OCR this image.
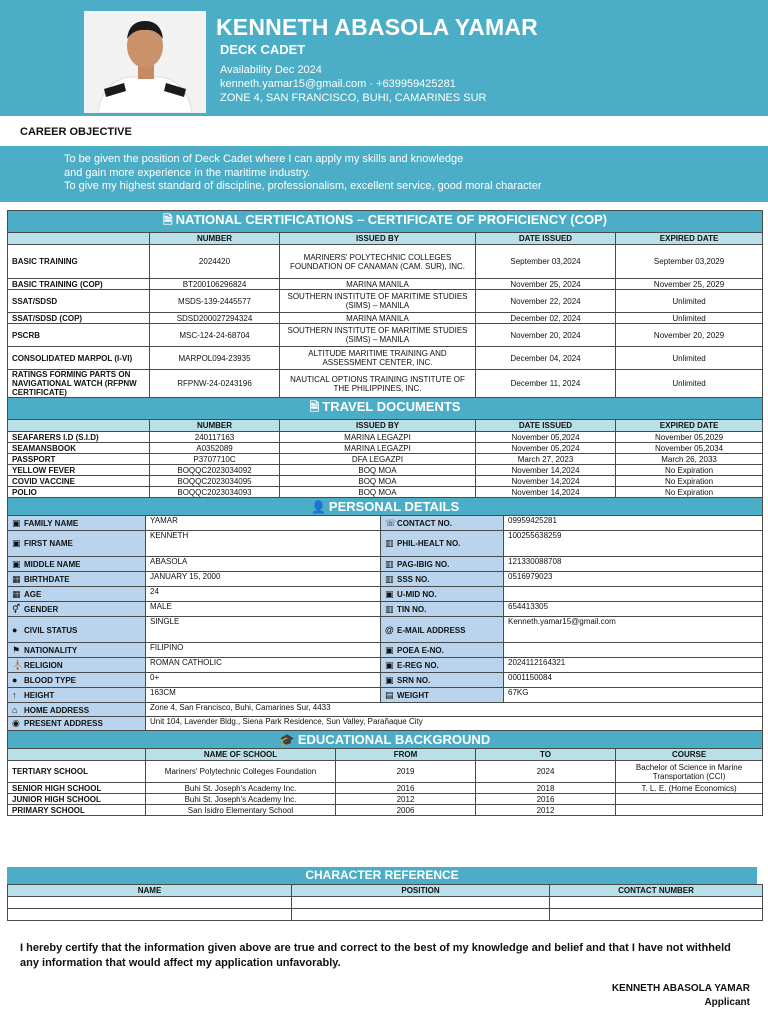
KENNETH ABASOLA YAMAR
DECK CADET
Availability Dec 2024
kenneth.yamar15@gmail.com · +639959425281
ZONE 4, SAN FRANCISCO, BUHI, CAMARINES SUR
CAREER OBJECTIVE
To be given the position of Deck Cadet where I can apply my skills and knowledge
and gain more experience in the maritime industry.
To give my highest standard of discipline, professionalism, excellent service, good moral character
🗎 NATIONAL CERTIFICATIONS – CERTIFICATE OF PROFICIENCY (COP)								
		NUMBER	ISSUED BY			DATE ISSUED		EXPIRED DATE
BASIC TRAINING		2024420	MARINERS' POLYTECHNIC COLLEGES FOUNDATION OF CANAMAN (CAM. SUR), INC.			September 03,2024		September 03,2029
BASIC TRAINING (COP)		BT200106296824	MARINA MANILA			November 25, 2024		November 25, 2029
SSAT/SDSD		MSDS-139-2445577	SOUTHERN INSTITUTE OF MARITIME STUDIES (SIMS) – MANILA			November 22, 2024		Unlimited
SSAT/SDSD (COP)		SDSD200027294324	MARINA MANILA			December 02, 2024		Unlimited
PSCRB		MSC-124-24-68704	SOUTHERN INSTITUTE OF MARITIME STUDIES (SIMS) – MANILA			November 20, 2024		November 20, 2029
CONSOLIDATED MARPOL (I-VI)		MARPOL094-23935	ALTITUDE MARITIME TRAINING AND ASSESSMENT CENTER, INC.			December 04, 2024		Unlimited
RATINGS FORMING PARTS ON NAVIGATIONAL WATCH (RFPNW CERTIFICATE)		RFPNW-24-0243196	NAUTICAL OPTIONS TRAINING INSTITUTE OF THE PHILIPPINES, INC.			December 11, 2024		Unlimited
🗎 TRAVEL DOCUMENTS								
		NUMBER	ISSUED BY			DATE ISSUED		EXPIRED DATE
SEAFARERS I.D (S.I.D)		240117163	MARINA LEGAZPI			November 05,2024		November 05,2029
SEAMANSBOOK		A0352089	MARINA LEGAZPI			November 05,2024		November 05,2034
PASSPORT		P3707710C	DFA LEGAZPI			March 27, 2023		March 26, 2033
YELLOW FEVER		BOQQC2023034092	BOQ MOA			November 14,2024		No Expiration
COVID VACCINE		BOQQC2023034095	BOQ MOA			November 14,2024		No Expiration
POLIO		BOQQC2023034093	BOQ MOA			November 14,2024		No Expiration
👤 PERSONAL DETAILS								
▣ FAMILY NAME	YAMAR				☏CONTACT NO.		09959425281	
▣ FIRST NAME	KENNETH				▥ PHIL-HEALT NO.		100255638259	
▣ MIDDLE NAME	ABASOLA				▥ PAG-IBIG NO.		121330088708	
▦ BIRTHDATE	JANUARY 15, 2000				▥ SSS NO.		0516979023	
▦ AGE	24				▣ U-MID NO.			
⚥ GENDER	MALE				▥ TIN NO.		654413305	
● CIVIL STATUS	SINGLE				@ E-MAIL ADDRESS		Kenneth.yamar15@gmail.com	
⚑ NATIONALITY	FILIPINO				▣ POEA E-NO.			
⛪RELIGION	ROMAN CATHOLIC				▣ E-REG NO.		2024112164321	
● BLOOD TYPE	0+				▣ SRN NO.		0001150084	
↑ HEIGHT	163CM				▤ WEIGHT		67KG	
⌂ HOME ADDRESS	Zone 4, San Francisco, Buhi, Camarines Sur, 4433							
◉ PRESENT ADDRESS	Unit 104, Lavender Bldg., Siena Park Residence, Sun Valley, Parañaque City							
🎓 EDUCATIONAL BACKGROUND								
	NAME OF SCHOOL			FROM		TO		COURSE
TERTIARY SCHOOL	Mariners' Polytechnic Colleges Foundation			2019		2024		Bachelor of Science in Marine Transportation (CCI)
SENIOR HIGH SCHOOL	Buhi St. Joseph's Academy Inc.			2016		2018		T. L. E. (Home Economics)
JUNIOR HIGH SCHOOL	Buhi St. Joseph's Academy Inc.			2012		2016		
PRIMARY SCHOOL	San Isidro Elementary School			2006		2012		
CHARACTER REFERENCE
NAME	POSITION	CONTACT NUMBER

I hereby certify that the information given above are true and correct to the best of my knowledge and belief and that I have not withheld any information that would affect my application unfavorably.
KENNETH ABASOLA YAMAR
Applicant
